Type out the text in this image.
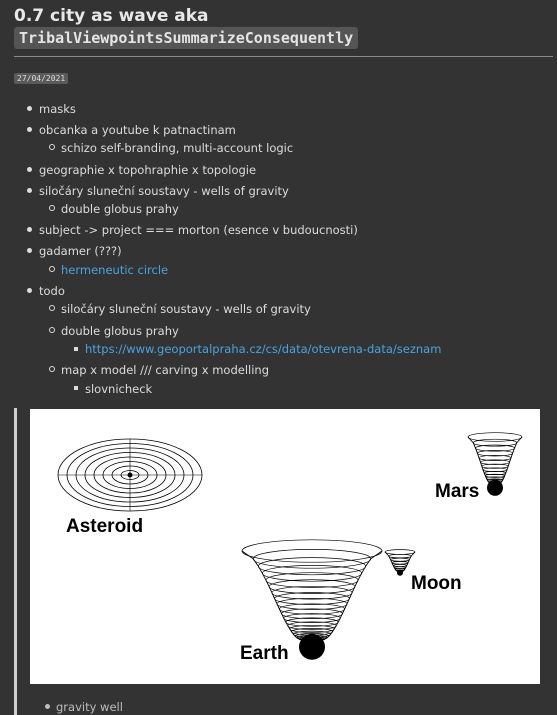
0.7 city as wave aka
TribalViewpointsSummarizeConsequently
27/04/2021
masks
obcanka a youtube k patnactinam
schizo self-branding, multi-account logic
geographie x topohraphie x topologie
siločáry sluneční soustavy - wells of gravity
double globus prahy
subject -> project === morton (esence v budoucnosti)
gadamer (???)
hermeneutic circle
todo
siločáry sluneční soustavy - wells of gravity
double globus prahy
https://www.geoportalpraha.cz/cs/data/otevrena-data/seznam
map x model /// carving x modelling
slovnicheck
Asteroid
Mars
Moon
Earth
gravity well
